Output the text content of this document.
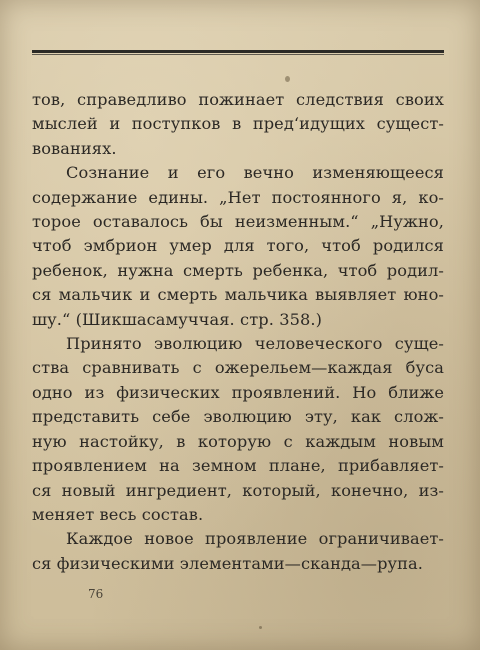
тов, справедливо пожинает следствия своих
мыслей и поступков в пред‘идущих сущест-
вованиях.
Сознание и его вечно изменяющееся
содержание едины. „Нет постоянного я, ко-
торое оставалось бы неизменным.“ „Нужно,
чтоб эмбрион умер для того, чтоб родился
ребенок, нужна смерть ребенка, чтоб родил-
ся мальчик и смерть мальчика выявляет юно-
шу.“ (Шикшасамуччая. стр. 358.)
Принято эволюцию человеческого суще-
ства сравнивать с ожерельем—каждая буса
одно из физических проявлений. Но ближе
представить себе эволюцию эту, как слож-
ную настойку, в которую с каждым новым
проявлением на земном плане, прибавляет-
ся новый ингредиент, который, конечно, из-
меняет весь состав.
Каждое новое проявление ограничивает-
ся физическими элементами—сканда—рупа.
76
